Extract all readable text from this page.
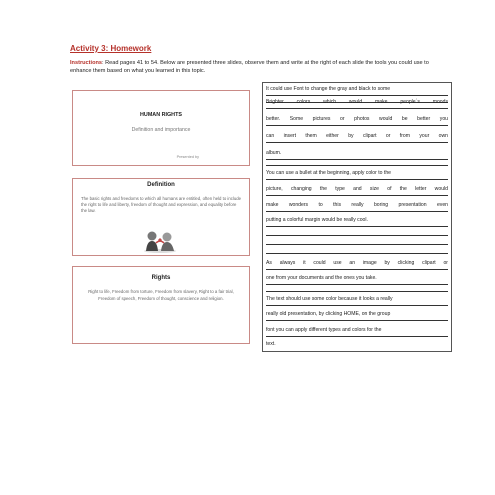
Activity 3: Homework
Instructions: Read pages 41 to 54. Below are presented three slides, observe them and write at the right of each slide the tools you could use to enhance them based on what you learned in this topic.
HUMAN RIGHTS
Definition and importance
Presented by
Definition
The basic rights and freedoms to which all humans are entitled, often held to include the right to life and liberty, freedom of thought and expression, and equality before the law.
Rights
Right to life, Freedom from torture, Freedom from slavery, Right to a fair trial, Freedom of speech, Freedom of thought, conscience and religion.
It could use Font to change the gray and black to some
Brighter colors which would make people´s moods
better. Some pictures or photos would be better you
can insert them either by clipart or from your own
album.
You can use a bullet at the beginning, apply color to the
picture, changing the type and size of the letter would
make wonders to this really boring presentation even
putting a colorful margin would be really cool.
As always it could use an image by clicking clipart or
one from your documents and the ones you take.
The text should use some color because it looks a really
really old presentation, by clicking HOME, on the group
font you can apply different types and colors for the
text.
